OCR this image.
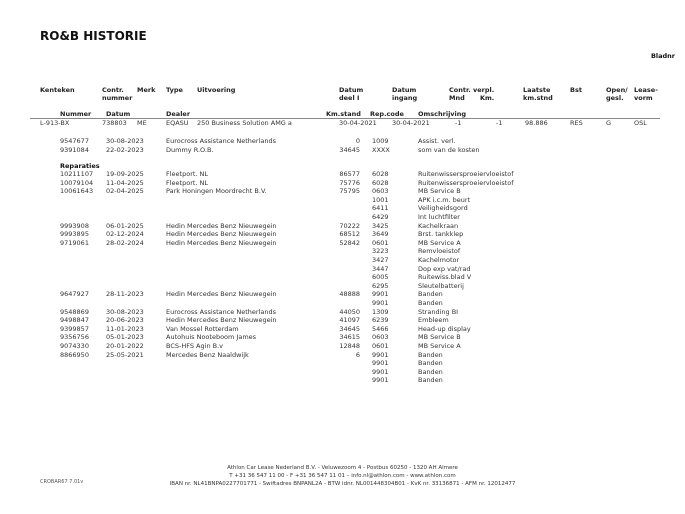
RO&B HISTORIE
Bladnr
Kenteken	Contr.
nummer
Merk Type Uitvoering	Datum
deel I
Datum
ingang
Contr. verpl.
Mnd Km.
Laatste
km.stnd
Bst	Open/
gesl.
Lease-
vorm
Nummer Datum	Dealer	Km.stand Rep.code Omschrijving
L-913-BX	738803 ME	EQASU 250 Business Solution AMG a	30-04-2021 30-04-2021	-1	-1	98.886	RES	G	OSL
9547677	30-08-2023	Eurocross Assistance Netherlands	0 1009	Assist. verl.
9391084	22-02-2023	Dummy R.O.B.	34645 XXXX	som van de kosten
Reparaties
10211107 19-09-2025	Fleetport. NL	86577 6028	Ruitenwissersproeiervloeistof
10079104 11-04-2025	Fleetport. NL	75776 6028	Ruitenwissersproeiervloeistof
10061643 02-04-2025	Park Honingen Moordrecht B.V.	75795 0603	MB Service B
1001	APK i.c.m. beurt
6411	Veiligheidsgord
6429	Int luchtfilter
9993908	06-01-2025	Hedin Mercedes Benz Nieuwegein	70222 3425	Kachelkraan
9993895	02-12-2024	Hedin Mercedes Benz Nieuwegein	68512 3649	Brst. tankklep
9719061	28-02-2024	Hedin Mercedes Benz Nieuwegein	52842 0601	MB Service A
3223	Remvloeistof
3427	Kachelmotor
3447	Dop exp vat/rad
6005	Ruitewiss.blad V
6295	Sleutelbatterij
9647927	28-11-2023	Hedin Mercedes Benz Nieuwegein	48888 9901	Banden
9901	Banden
9548869	30-08-2023	Eurocross Assistance Netherlands	44050 1309	Stranding BI
9498847	20-06-2023	Hedin Mercedes Benz Nieuwegein	41097 6239	Embleem
9399857	11-01-2023	Van Mossel Rotterdam	34645 5466	Head-up display
9356756	05-01-2023	Autohuis Nooteboom James	34615 0603	MB Service B
9074330	20-01-2022	BCS-HFS Agin B.v	12848 0601	MB Service A
8866950	25-05-2021	Mercedes Benz Naaldwijk	6 9901	Banden
9901	Banden
9901	Banden
9901	Banden
Athlon Car Lease Nederland B.V. - Veluwezoom 4 - Postbus 60250 - 1320 AH Almere
T +31 36 547 11 00 - F +31 36 547 11 01 – info.nl@athlon.com - www.athlon.com
IBAN nr. NL41BNPA0227701771 - Swiftadres BNPANL2A - BTW idnr. NL001448304B01 - KvK nr. 33136871 - AFM nr. 12012477
CROBAR67 7.01v
